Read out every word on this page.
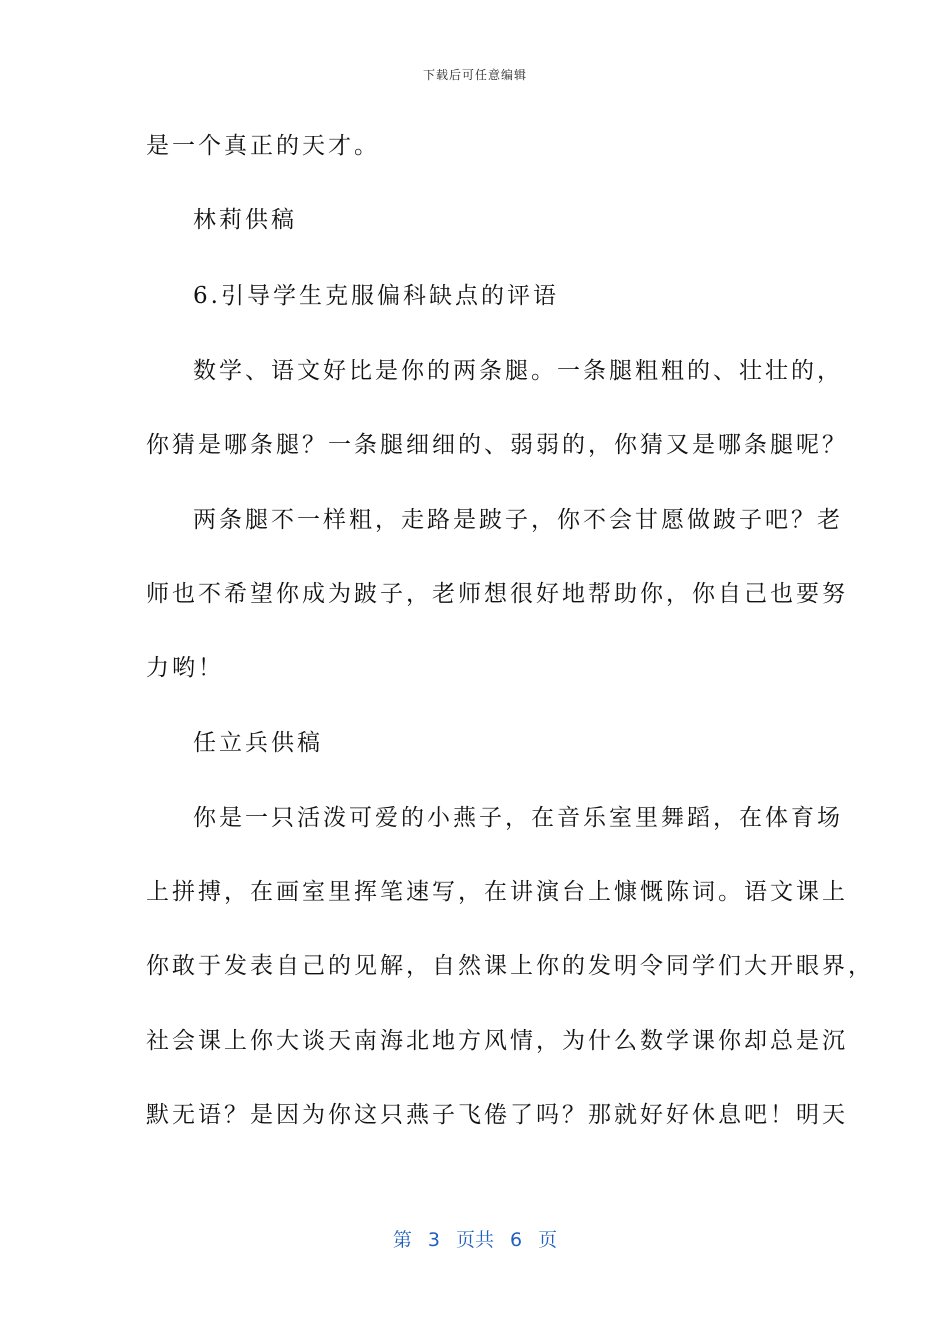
下载后可任意编辑
是一个真正的天才。
林莉供稿
6.引导学生克服偏科缺点的评语
数学、语文好比是你的两条腿。一条腿粗粗的、壮壮的，
你猜是哪条腿？一条腿细细的、弱弱的，你猜又是哪条腿呢？
两条腿不一样粗，走路是跛子，你不会甘愿做跛子吧？老
师也不希望你成为跛子，老师想很好地帮助你，你自己也要努
力哟！
任立兵供稿
你是一只活泼可爱的小燕子，在音乐室里舞蹈，在体育场
上拼搏，在画室里挥笔速写，在讲演台上慷慨陈词。语文课上
你敢于发表自己的见解，自然课上你的发明令同学们大开眼界，
社会课上你大谈天南海北地方风情，为什么数学课你却总是沉
默无语？是因为你这只燕子飞倦了吗？那就好好休息吧！明天
第 3 页共 6 页
